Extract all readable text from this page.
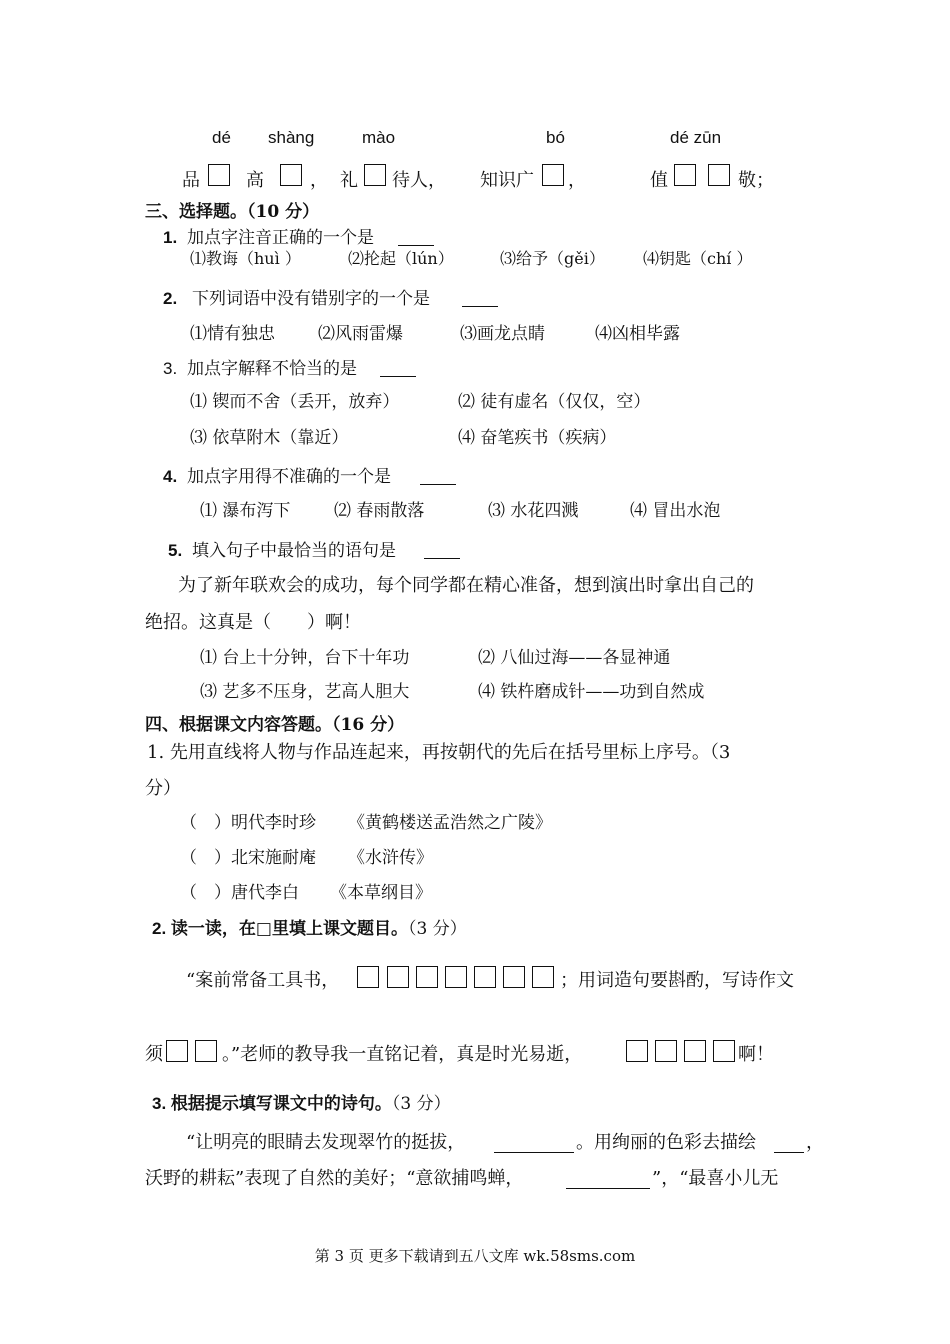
dé shàng	mào	bó	dé zūn
品	高	， 礼 待人， 知识广 ，	值	敬；
三、选择题。（10 分）
1. 加点字注音正确的一个是
⑴教诲（huì ）	⑵抡起（lún）	⑶给予（gěi） ⑷钥匙（chí ）
2. 下列词语中没有错别字的一个是
⑴情有独忠	⑵风雨雷爆	⑶画龙点睛	⑷凶相毕露
3. 加点字解释不恰当的是
⑴ 锲而不舍（丢开，放弃）	⑵ 徒有虚名（仅仅，空）
⑶ 依草附木（靠近）	⑷ 奋笔疾书（疾病）
4. 加点字用得不准确的一个是
⑴ 瀑布泻下	⑵ 春雨散落	⑶ 水花四溅	⑷ 冒出水泡
5. 填入句子中最恰当的语句是
为了新年联欢会的成功，每个同学都在精心准备，想到演出时拿出自己的
绝招。这真是（　　）啊！
⑴ 台上十分钟，台下十年功	⑵ 八仙过海——各显神通
⑶ 艺多不压身，艺高人胆大	⑷ 铁杵磨成针——功到自然成
四、根据课文内容答题。（16 分）
1. 先用直线将人物与作品连起来，再按朝代的先后在括号里标上序号。（3
分）
（　）明代李时珍 《黄鹤楼送孟浩然之广陵》
（　）北宋施耐庵 《水浒传》
（　）唐代李白 《本草纲目》
2. 读一读，在□里填上课文题目。（3 分）
“案前常备工具书，	；用词造句要斟酌，写诗作文
须	。”老师的教导我一直铭记着，真是时光易逝，	啊！
3. 根据提示填写课文中的诗句。（3 分）
“让明亮的眼睛去发现翠竹的挺拔，	。用绚丽的色彩去描绘	，
沃野的耕耘”表现了自然的美好；“意欲捕鸣蝉，	”，“最喜小儿无
第 3 页 更多下载请到五八文库 wk.58sms.com
